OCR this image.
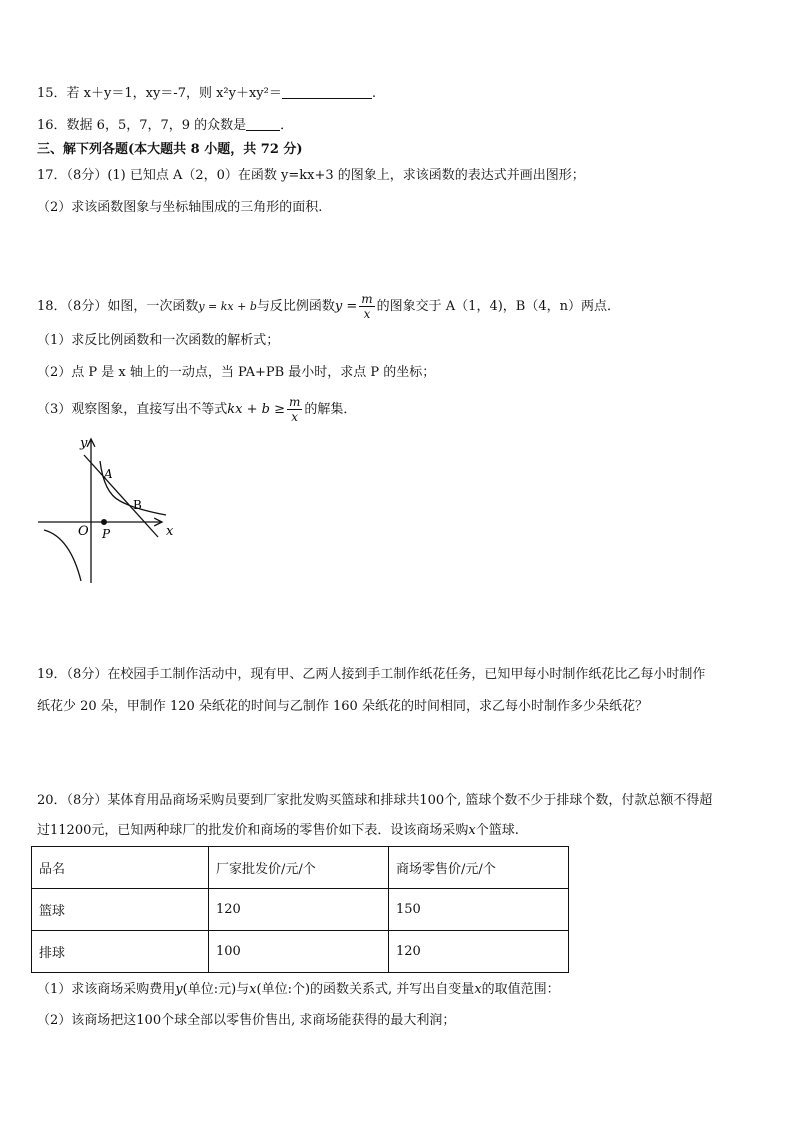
15．若 x＋y＝1，xy＝-7，则 x²y＋xy²＝	.
16．数据 6，5，7，7，9 的众数是	．
三、解下列各题(本大题共 8 小题，共 72 分)
17．（8分）(1) 已知点 A（2，0）在函数 y=kx+3 的图象上，求该函数的表达式并画出图形；
（2）求该函数图象与坐标轴围成的三角形的面积.
18．（8分）如图，一次函数y = kx + b与反比例函数$y = \frac{m}{x}$ 的图象交于 A（1，4)，B（4，n）两点．
（1）求反比例函数和一次函数的解析式；
（2）点 P 是 x 轴上的一动点，当 PA+PB 最小时，求点 P 的坐标；
（3）观察图象，直接写出不等式kx + $b \ge \frac{m}{x}$ 的解集．
y
x
O
A
B
P
19．（8分）在校园手工制作活动中，现有甲、乙两人接到手工制作纸花任务，已知甲每小时制作纸花比乙每小时制作
纸花少 20 朵，甲制作 120 朵纸花的时间与乙制作 160 朵纸花的时间相同，求乙每小时制作多少朵纸花？
20．（8分）某体育用品商场采购员要到厂家批发购买篮球和排球共100个, 篮球个数不少于排球个数，付款总额不得超
过11200元，已知两种球厂的批发价和商场的零售价如下表．设该商场采购x个篮球.
品名	厂家批发价/元/个	商场零售价/元/个
篮球	120	150
排球	100	120
（1）求该商场采购费用y(单位:元)与x(单位:个)的函数关系式, 并写出自变量x的取值范围：
（2）该商场把这100个球全部以零售价售出, 求商场能获得的最大利润；
